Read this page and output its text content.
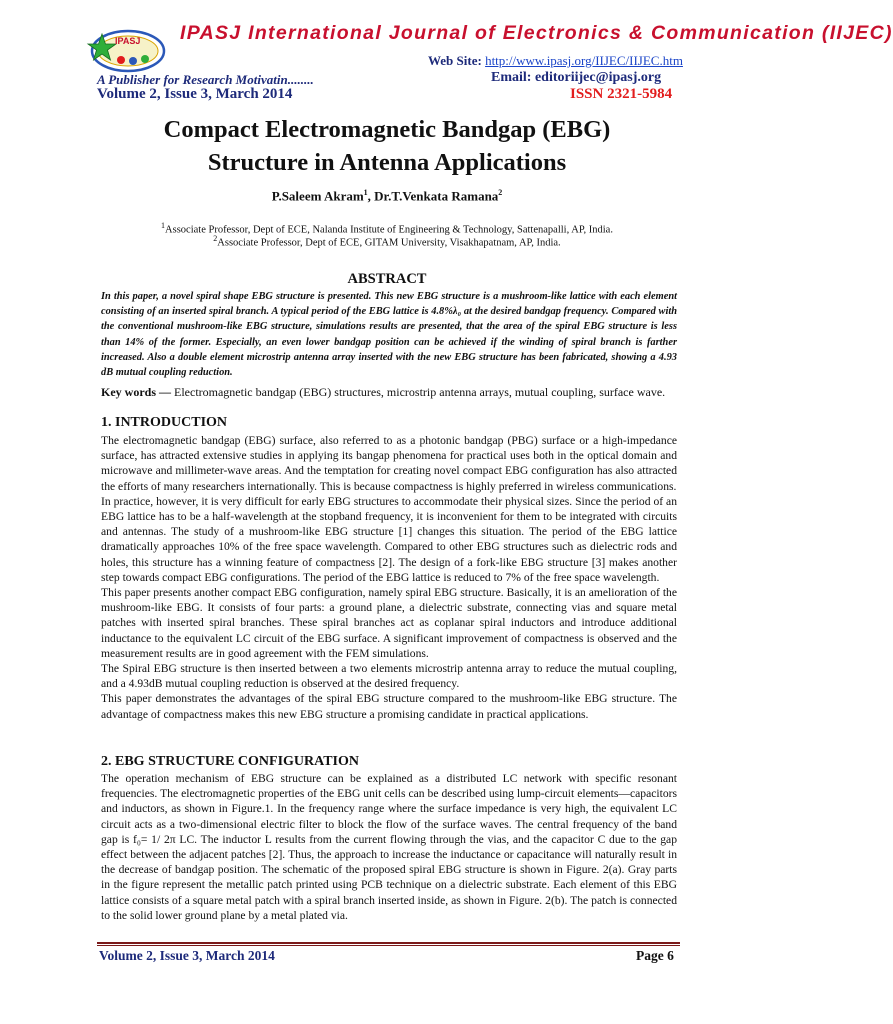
IPASJ IPASJ International Journal of Electronics & Communication (IIJEC)
Web Site: http://www.ipasj.org/IIJEC/IIJEC.htm
A Publisher for Research Motivatin........	Email: editoriijec@ipasj.org
Volume 2, Issue 3, March 2014	ISSN 2321-5984
Compact Electromagnetic Bandgap (EBG)
Structure in Antenna Applications
P.Saleem Akram$^1$, Dr.T.Venkata Ramana$^2$
$^1$Associate Professor, Dept of ECE, Nalanda Institute of Engineering & Technology, Sattenapalli, AP, India.
$^2$Associate Professor, Dept of ECE, GITAM University, Visakhapatnam, AP, India.
ABSTRACT
In this paper, a novel spiral shape EBG structure is presented. This new EBG structure is a mushroom-like lattice with each element consisting of an inserted spiral branch. A typical period of the EBG lattice is 4.8%λ₀ at the desired bandgap frequency. Compared with the conventional mushroom-like EBG structure, simulations results are presented, that the area of the spiral EBG structure is less than 14% of the former. Especially, an even lower bandgap position can be achieved if the winding of spiral branch is farther increased. Also a double element microstrip antenna array inserted with the new EBG structure has been fabricated, showing a 4.93 dB mutual coupling reduction.
Key words — Electromagnetic bandgap (EBG) structures, microstrip antenna arrays, mutual coupling, surface wave.
1. INTRODUCTION

The electromagnetic bandgap (EBG) surface, also referred to as a photonic bandgap (PBG) surface or a high-impedance surface, has attracted extensive studies in applying its bangap phenomena for practical uses both in the optical domain and microwave and millimeter-wave areas. And the temptation for creating novel compact EBG configuration has also attracted the efforts of many researchers internationally. This is because compactness is highly preferred in wireless communications.

In practice, however, it is very difficult for early EBG structures to accommodate their physical sizes. Since the period of an EBG lattice has to be a half-wavelength at the stopband frequency, it is inconvenient for them to be integrated with circuits and antennas. The study of a mushroom-like EBG structure [1] changes this situation. The period of the EBG lattice dramatically approaches 10% of the free space wavelength. Compared to other EBG structures such as dielectric rods and holes, this structure has a winning feature of compactness [2]. The design of a fork-like EBG structure [3] makes another step towards compact EBG configurations. The period of the EBG lattice is reduced to 7% of the free space wavelength.

This paper presents another compact EBG configuration, namely spiral EBG structure. Basically, it is an amelioration of the mushroom-like EBG. It consists of four parts: a ground plane, a dielectric substrate, connecting vias and square metal patches with inserted spiral branches. These spiral branches act as coplanar spiral inductors and introduce additional inductance to the equivalent LC circuit of the EBG surface. A significant improvement of compactness is observed and the measurement results are in good agreement with the FEM simulations.

The Spiral EBG structure is then inserted between a two elements microstrip antenna array to reduce the mutual coupling, and a 4.93dB mutual coupling reduction is observed at the desired frequency.

This paper demonstrates the advantages of the spiral EBG structure compared to the mushroom-like EBG structure. The advantage of compactness makes this new EBG structure a promising candidate in practical applications.

2. EBG STRUCTURE CONFIGURATION

The operation mechanism of EBG structure can be explained as a distributed LC network with specific resonant frequencies. The electromagnetic properties of the EBG unit cells can be described using lump-circuit elements—capacitors and inductors, as shown in Figure.1. In the frequency range where the surface impedance is very high, the equivalent LC circuit acts as a two-dimensional electric filter to block the flow of the surface waves. The central frequency of the band gap is f₀= 1/ 2π LC. The inductor L results from the current flowing through the vias, and the capacitor C due to the gap effect between the adjacent patches [2]. Thus, the approach to increase the inductance or capacitance will naturally result in the decrease of bandgap position. The schematic of the proposed spiral EBG structure is shown in Figure. 2(a). Gray parts in the figure represent the metallic patch printed using PCB technique on a dielectric substrate. Each element of this EBG lattice consists of a square metal patch with a spiral branch inserted inside, as shown in Figure. 2(b). The patch is connected to the solid lower ground plane by a metal plated via.

Volume 2, Issue 3, March 2014	Page 6
